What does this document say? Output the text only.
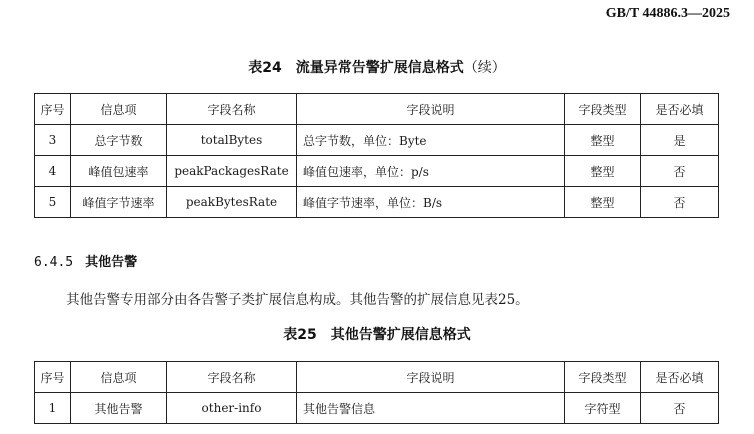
GB/T 44886.3—2025
表24 流量异常告警扩展信息格式（续）
序号	信息项	字段名称	字段说明	字段类型	是否必填
3	总字节数	totalBytes	总字节数，单位：Byte	整型	是
4	峰值包速率	peakPackagesRate	峰值包速率，单位：p/s	整型	否
5	峰值字节速率	peakBytesRate	峰值字节速率，单位：B/s	整型	否
6.4.5 其他告警
其他告警专用部分由各告警子类扩展信息构成。其他告警的扩展信息见表25。
表25 其他告警扩展信息格式
序号	信息项	字段名称	字段说明	字段类型	是否必填
1	其他告警	other-info	其他告警信息	字符型	否
